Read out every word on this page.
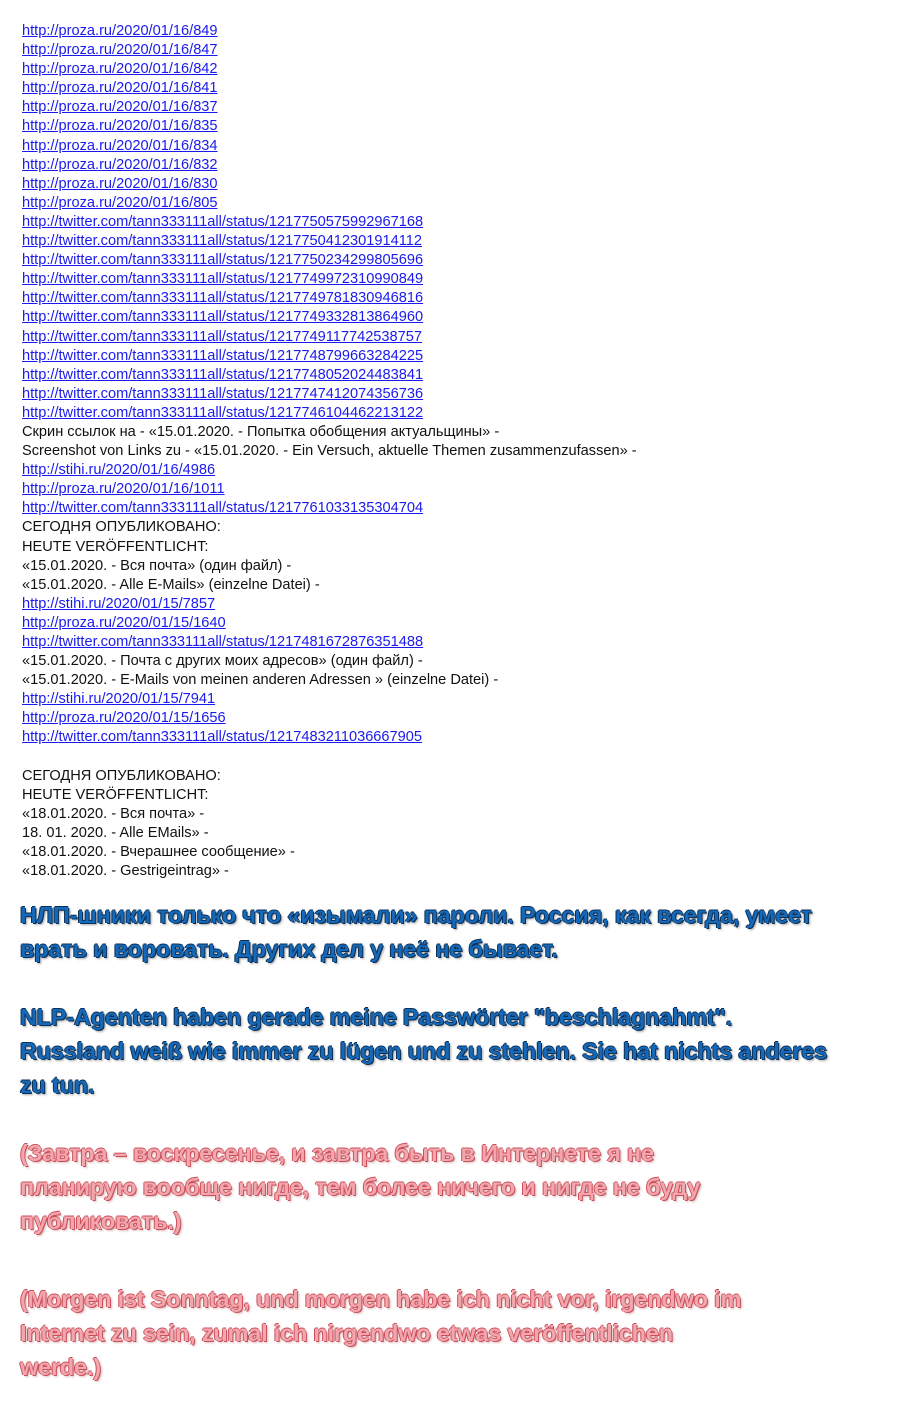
http://proza.ru/2020/01/16/849
http://proza.ru/2020/01/16/847
http://proza.ru/2020/01/16/842
http://proza.ru/2020/01/16/841
http://proza.ru/2020/01/16/837
http://proza.ru/2020/01/16/835
http://proza.ru/2020/01/16/834
http://proza.ru/2020/01/16/832
http://proza.ru/2020/01/16/830
http://proza.ru/2020/01/16/805
http://twitter.com/tann333111all/status/1217750575992967168
http://twitter.com/tann333111all/status/1217750412301914112
http://twitter.com/tann333111all/status/1217750234299805696
http://twitter.com/tann333111all/status/1217749972310990849
http://twitter.com/tann333111all/status/1217749781830946816
http://twitter.com/tann333111all/status/1217749332813864960
http://twitter.com/tann333111all/status/1217749117742538757
http://twitter.com/tann333111all/status/1217748799663284225
http://twitter.com/tann333111all/status/1217748052024483841
http://twitter.com/tann333111all/status/1217747412074356736
http://twitter.com/tann333111all/status/1217746104462213122
Скрин ссылок на - «15.01.2020. - Попытка обобщения актуальщины» -
Screenshot von Links zu - «15.01.2020. - Ein Versuch, aktuelle Themen zusammenzufassen» -
http://stihi.ru/2020/01/16/4986
http://proza.ru/2020/01/16/1011
http://twitter.com/tann333111all/status/1217761033135304704
СЕГОДНЯ ОПУБЛИКОВАНО:
HEUTE VERÖFFENTLICHT:
«15.01.2020. - Вся почта» (один файл) -
«15.01.2020. - Alle E-Mails» (einzelne Datei) -
http://stihi.ru/2020/01/15/7857
http://proza.ru/2020/01/15/1640
http://twitter.com/tann333111all/status/1217481672876351488
«15.01.2020. - Почта с других моих адресов» (один файл) -
«15.01.2020. - E-Mails von meinen anderen Adressen » (einzelne Datei) -
http://stihi.ru/2020/01/15/7941
http://proza.ru/2020/01/15/1656
http://twitter.com/tann333111all/status/1217483211036667905
СЕГОДНЯ ОПУБЛИКОВАНО:
HEUTE VERÖFFENTLICHT:
«18.01.2020. - Вся почта» -
18. 01. 2020. - Alle EMails» -
«18.01.2020. - Вчерашнее сообщение» -
«18.01.2020. - Gestrigeintrag» -
НЛП-шники только что «изымали» пароли. Россия, как всегда, умеет
врать и воровать. Других дел у неё не бывает.
NLP-Agenten haben gerade meine Passwörter "beschlagnahmt".
Russland weiß wie immer zu lügen und zu stehlen. Sie hat nichts anderes
zu tun.
(Завтра – воскресенье, и завтра быть в Интернете я не
планирую вообще нигде, тем более ничего и нигде не буду
публиковать.)
(Morgen ist Sonntag, und morgen habe ich nicht vor, irgendwo im
Internet zu sein, zumal ich nirgendwo etwas veröffentlichen
werde.)
